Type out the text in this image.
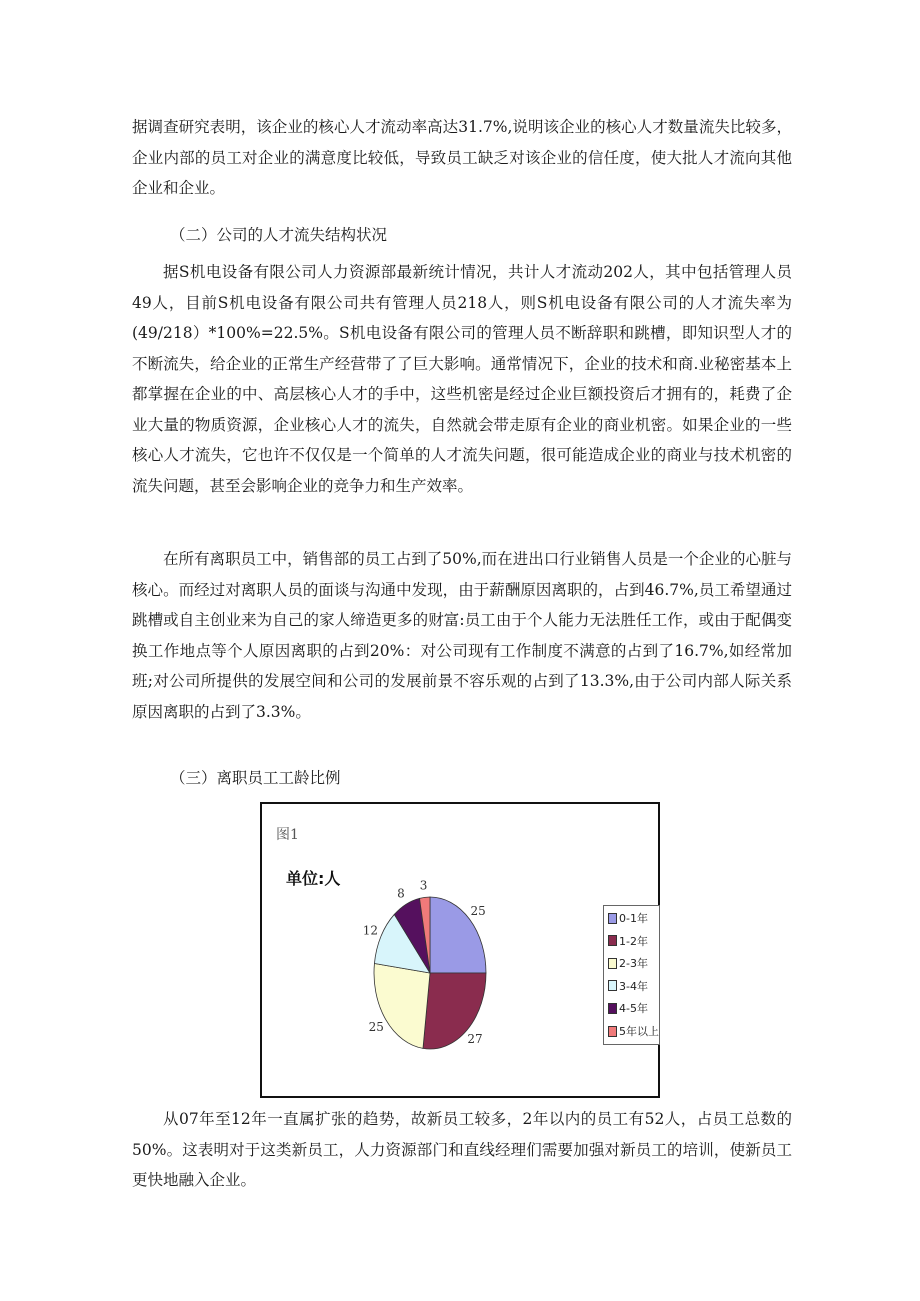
据调查研究表明，该企业的核心人才流动率高达31.7%,说明该企业的核心人才数量流失比较多，企业内部的员工对企业的满意度比较低，导致员工缺乏对该企业的信任度，使大批人才流向其他企业和企业。

（二）公司的人才流失结构状况

据S机电设备有限公司人力资源部最新统计情况，共计人才流动202人，其中包括管理人员49人，目前S机电设备有限公司共有管理人员218人，则S机电设备有限公司的人才流失率为(49/218）*100%=22.5%。S机电设备有限公司的管理人员不断辞职和跳槽，即知识型人才的不断流失，给企业的正常生产经营带了了巨大影响。通常情况下，企业的技术和商.业秘密基本上都掌握在企业的中、高层核心人才的手中，这些机密是经过企业巨额投资后才拥有的，耗费了企业大量的物质资源，企业核心人才的流失，自然就会带走原有企业的商业机密。如果企业的一些核心人才流失，它也许不仅仅是一个简单的人才流失问题，很可能造成企业的商业与技术机密的流失问题，甚至会影响企业的竞争力和生产效率。

在所有离职员工中，销售部的员工占到了50%,而在进出口行业销售人员是一个企业的心脏与核心。而经过对离职人员的面谈与沟通中发现，由于薪酬原因离职的，占到46.7%,员工希望通过跳槽或自主创业来为自己的家人缔造更多的财富:员工由于个人能力无法胜任工作，或由于配偶变换工作地点等个人原因离职的占到20%：对公司现有工作制度不满意的占到了16.7%,如经常加班;对公司所提供的发展空间和公司的发展前景不容乐观的占到了13.3%,由于公司内部人际关系原因离职的占到了3.3%。

（三）离职员工工龄比例

图1
单位:人
25
27
25
12
8
3
0-1年
1-2年
2-3年
3-4年
4-5年
5年以上

从07年至12年一直属扩张的趋势，故新员工较多，2年以内的员工有52人，占员工总数的50%。这表明对于这类新员工，人力资源部门和直线经理们需要加强对新员工的培训，使新员工更快地融入企业。
